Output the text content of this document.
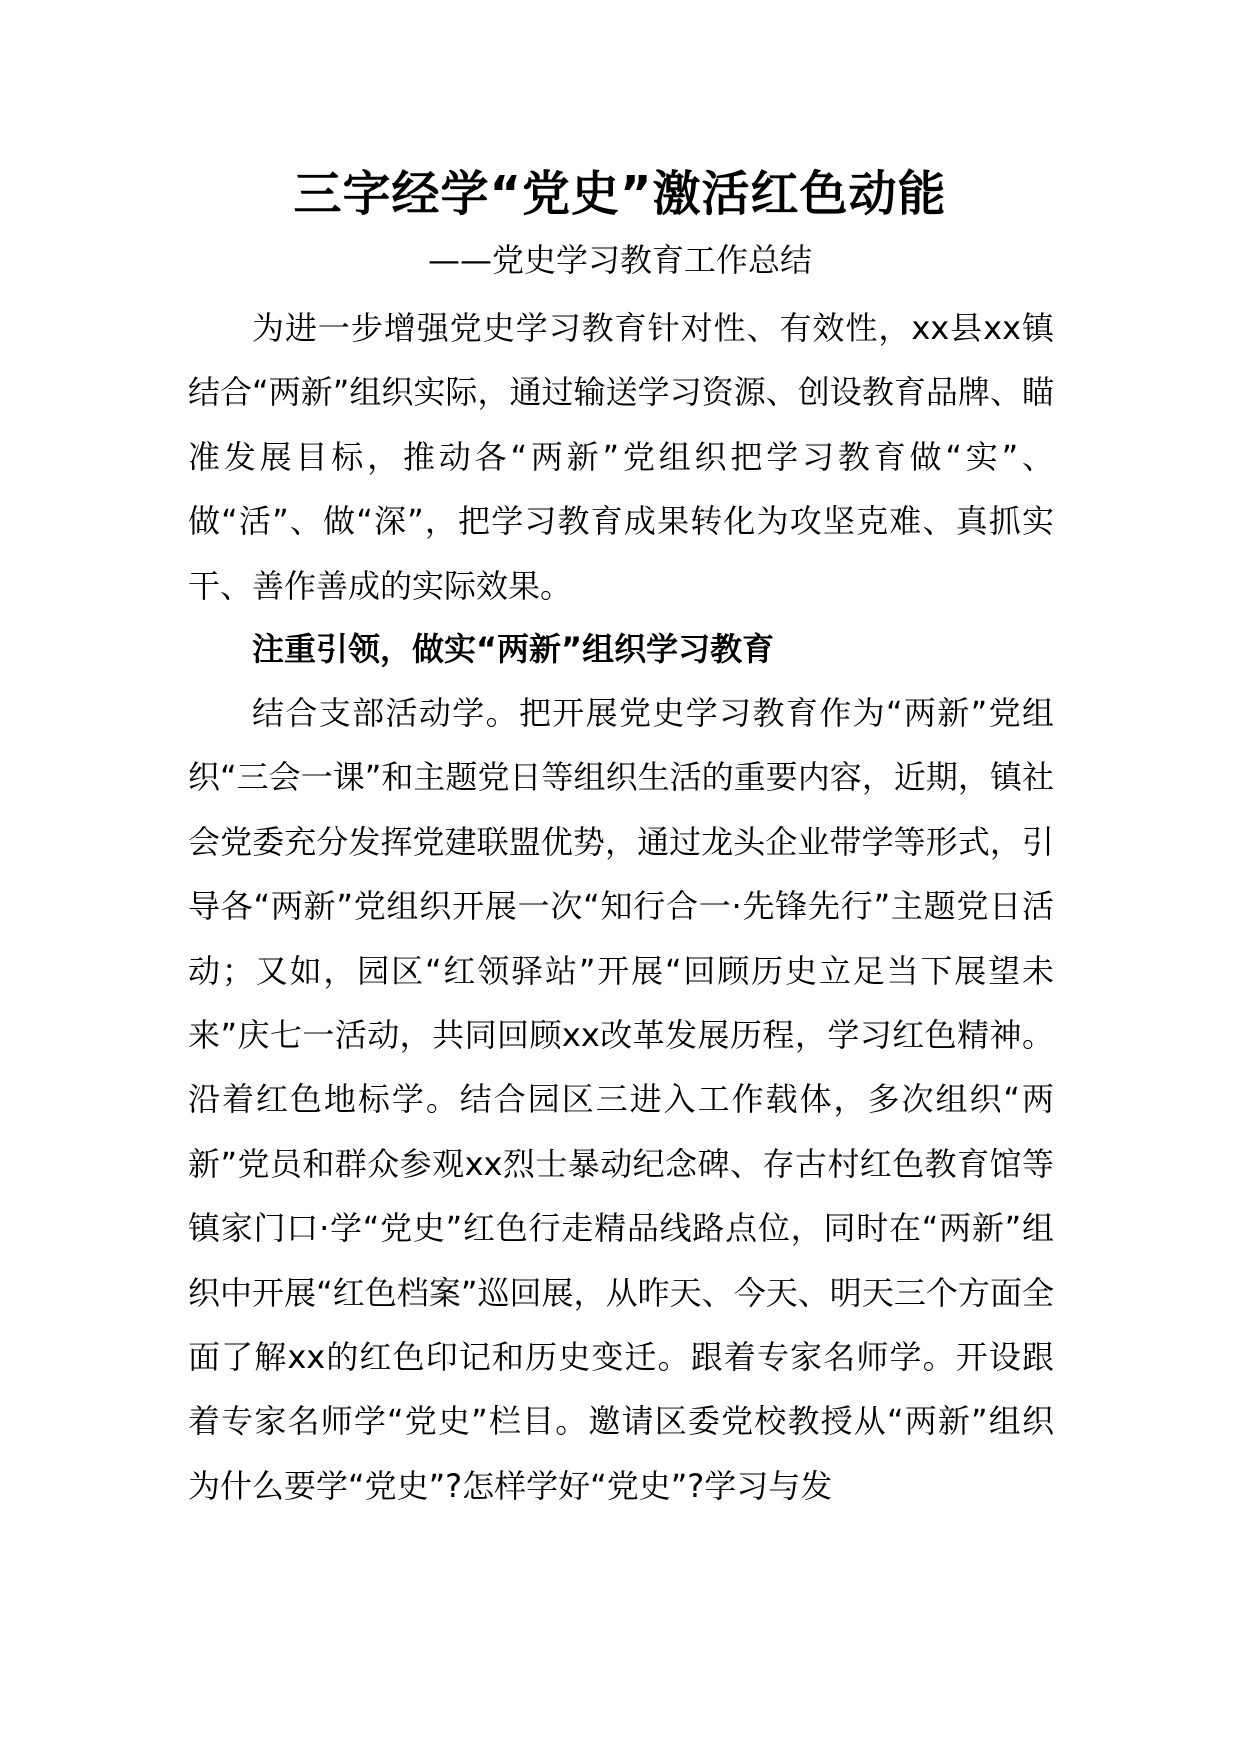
三字经学“党史”激活红色动能

——党史学习教育工作总结

为进一步增强党史学习教育针对性、有效性，xx县xx镇结合“两新”组织实际，通过输送学习资源、创设教育品牌、瞄准发展目标，推动各“两新”党组织把学习教育做“实”、做“活”、做“深”，把学习教育成果转化为攻坚克难、真抓实干、善作善成的实际效果。

注重引领，做实“两新”组织学习教育

结合支部活动学。把开展党史学习教育作为“两新”党组织“三会一课”和主题党日等组织生活的重要内容，近期，镇社会党委充分发挥党建联盟优势，通过龙头企业带学等形式，引导各“两新”党组织开展一次“知行合一·先锋先行”主题党日活动；又如，园区“红领驿站”开展“回顾历史立足当下展望未来”庆七一活动，共同回顾xx改革发展历程，学习红色精神。沿着红色地标学。结合园区三进入工作载体，多次组织“两新”党员和群众参观xx烈士暴动纪念碑、存古村红色教育馆等镇家门口·学“党史”红色行走精品线路点位，同时在“两新”组织中开展“红色档案”巡回展，从昨天、今天、明天三个方面全面了解xx的红色印记和历史变迁。跟着专家名师学。开设跟着专家名师学“党史”栏目。邀请区委党校教授从“两新”组织为什么要学“党史”?怎样学好“党史”?学习与发
